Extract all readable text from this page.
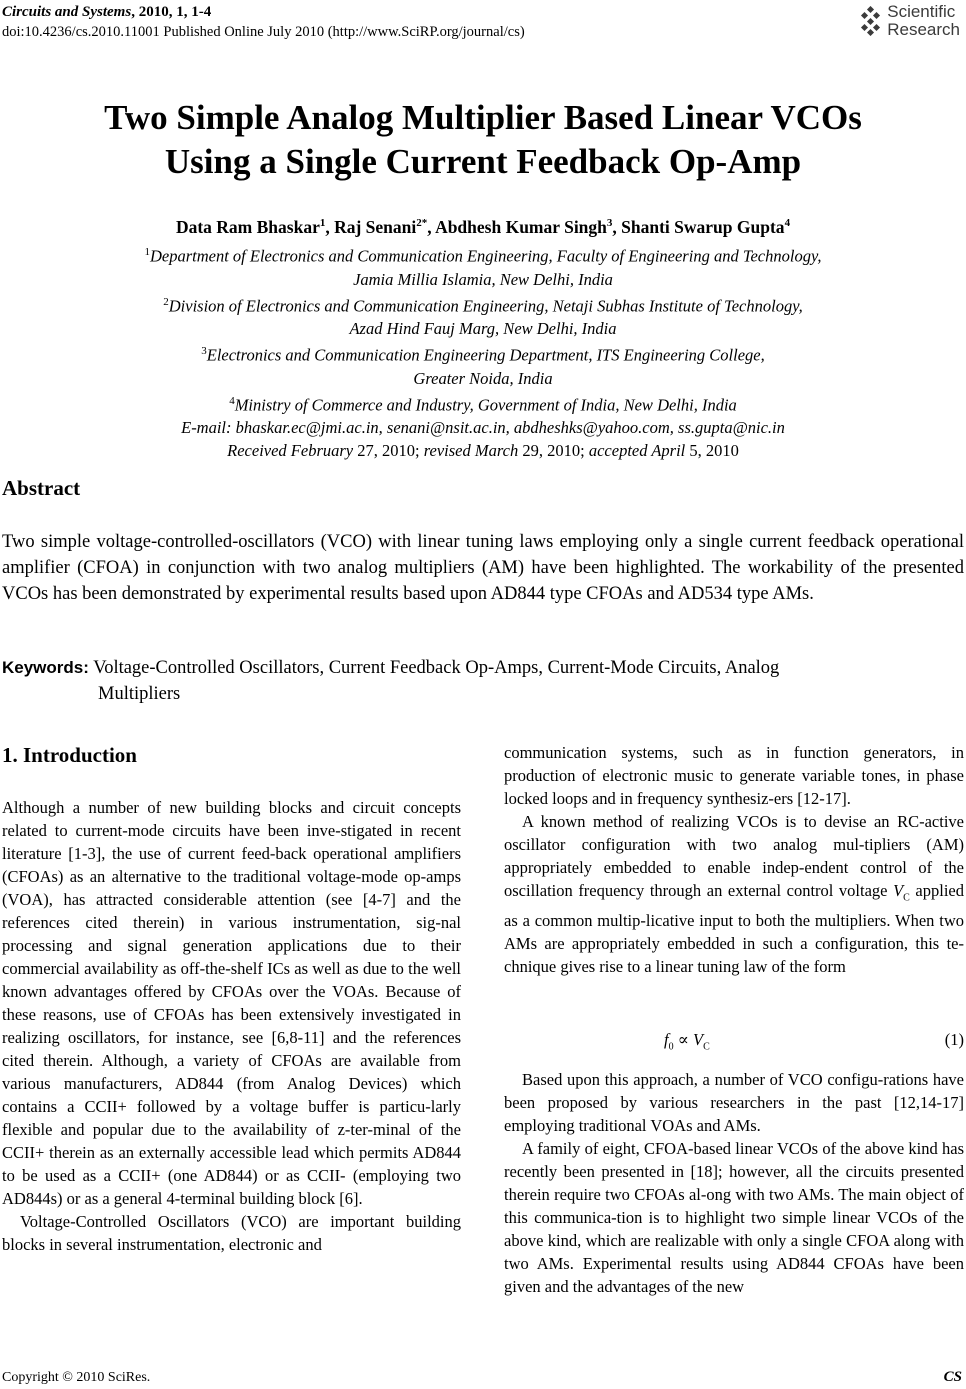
Circuits and Systems, 2010, 1, 1-4
doi:10.4236/cs.2010.11001 Published Online July 2010 (http://www.SciRP.org/journal/cs)
Scientific
Research
Two Simple Analog Multiplier Based Linear VCOs
Using a Single Current Feedback Op-Amp
Data Ram Bhaskar$^1$, Raj Senani$^{2*}$, Abdhesh Kumar Singh$^3$, Shanti Swarup Gupta$^4$
$^1$Department of Electronics and Communication Engineering, Faculty of Engineering and Technology,
Jamia Millia Islamia, New Delhi, India
$^2$Division of Electronics and Communication Engineering, Netaji Subhas Institute of Technology,
Azad Hind Fauj Marg, New Delhi, India
$^3$Electronics and Communication Engineering Department, ITS Engineering College,
Greater Noida, India
$^4$Ministry of Commerce and Industry, Government of India, New Delhi, India
E-mail: bhaskar.ec@jmi.ac.in, senani@nsit.ac.in, abdheshks@yahoo.com, ss.gupta@nic.in
Received February 27, 2010; revised March 29, 2010; accepted April 5, 2010
Abstract
Two simple voltage-controlled-oscillators (VCO) with linear tuning laws employing only a single current feedback operational amplifier (CFOA) in conjunction with two analog multipliers (AM) have been highlighted. The workability of the presented VCOs has been demonstrated by experimental results based upon AD844 type CFOAs and AD534 type AMs.
Keywords: Voltage-Controlled Oscillators, Current Feedback Op-Amps, Current-Mode Circuits, Analog
Multipliers
1. Introduction

Although a number of new building blocks and circuit concepts related to current-mode circuits have been inve-stigated in recent literature [1-3], the use of current feed-back operational amplifiers (CFOAs) as an alternative to the traditional voltage-mode op-amps (VOA), has attracted considerable attention (see [4-7] and the references cited therein) in various instrumentation, sig-nal processing and signal generation applications due to their commercial availability as off-the-shelf ICs as well as due to the well known advantages offered by CFOAs over the VOAs. Because of these reasons, use of CFOAs has been extensively investigated in realizing oscillators, for instance, see [6,8-11] and the references cited therein. Although, a variety of CFOAs are available from various manufacturers, AD844 (from Analog Devices) which contains a CCII+ followed by a voltage buffer is particu-larly flexible and popular due to the availability of z-ter-minal of the CCII+ therein as an externally accessible lead which permits AD844 to be used as a CCII+ (one AD844) or as CCII- (employing two AD844s) or as a general 4-terminal building block [6].

Voltage-Controlled Oscillators (VCO) are important building blocks in several instrumentation, electronic and

communication systems, such as in function generators, in production of electronic music to generate variable tones, in phase locked loops and in frequency synthesiz-ers [12-17].

A known method of realizing VCOs is to devise an RC-active oscillator configuration with two analog mul-tipliers (AM) appropriately embedded to enable indep-endent control of the oscillation frequency through an external control voltage $V_C$ applied as a common multip-licative input to both the multipliers. When two AMs are appropriately embedded in such a configuration, this te-chnique gives rise to a linear tuning law of the form

$f_0 \propto V_C$	(1)

Based upon this approach, a number of VCO configu-rations have been proposed by various researchers in the past [12,14-17] employing traditional VOAs and AMs.

A family of eight, CFOA-based linear VCOs of the above kind has recently been presented in [18]; however, all the circuits presented therein require two CFOAs al-ong with two AMs. The main object of this communica-tion is to highlight two simple linear VCOs of the above kind, which are realizable with only a single CFOA along with two AMs. Experimental results using AD844 CFOAs have been given and the advantages of the new

Copyright © 2010 SciRes.	CS
